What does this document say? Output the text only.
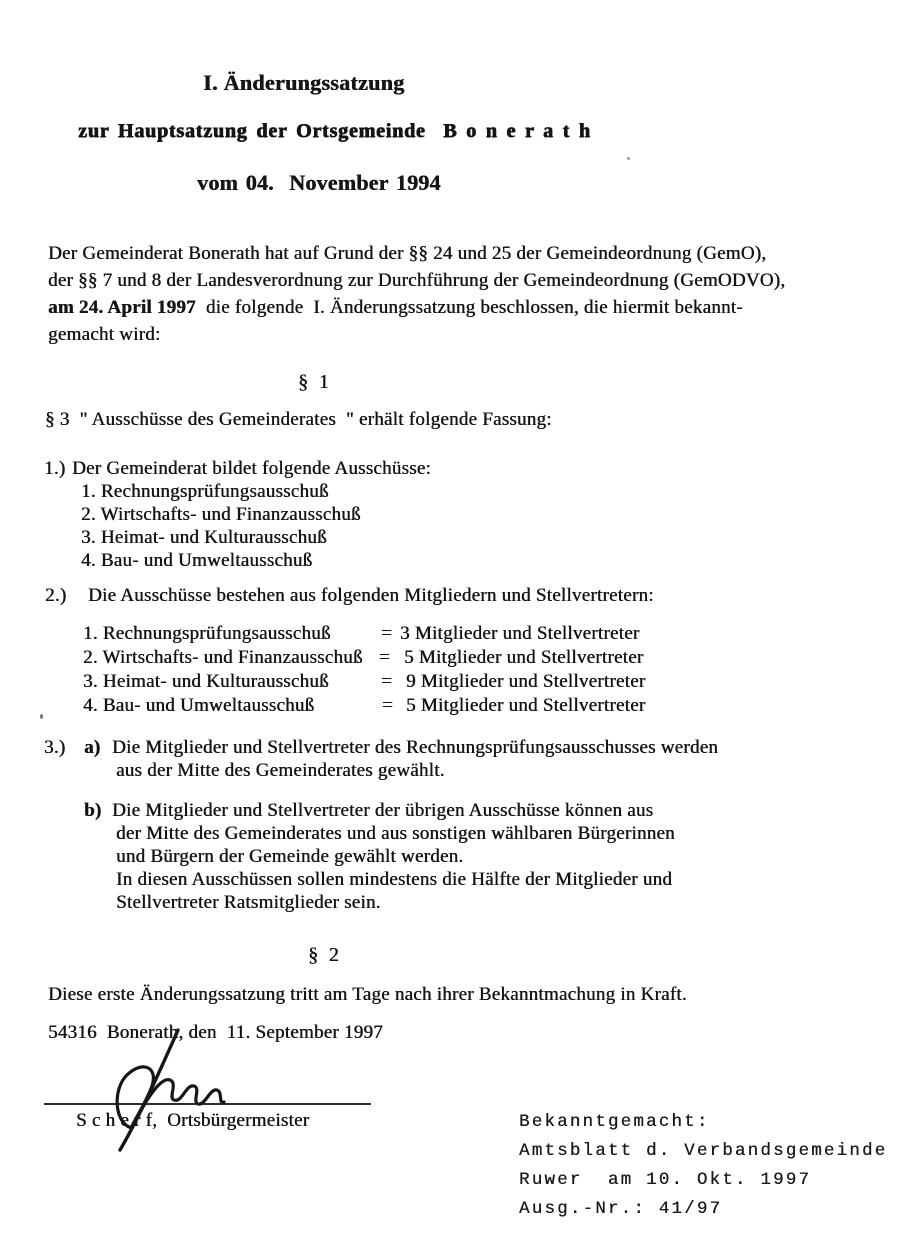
I. Änderungssatzung
zur Hauptsatzung der Ortsgemeinde  B o n e r a t h
vom 04.  November 1994
Der Gemeinderat Bonerath hat auf Grund der §§ 24 und 25 der Gemeindeordnung (GemO),
der §§ 7 und 8 der Landesverordnung zur Durchführung der Gemeindeordnung (GemODVO),
am 24. April 1997  die folgende  I. Änderungssatzung beschlossen, die hiermit bekannt-
gemacht wird:
§  1
§ 3  " Ausschüsse des Gemeinderates  " erhält folgende Fassung:
1.) Der Gemeinderat bildet folgende Ausschüsse:
1. Rechnungsprüfungsausschuß
2. Wirtschafts- und Finanzausschuß
3. Heimat- und Kulturausschuß
4. Bau- und Umweltausschuß
2.) Die Ausschüsse bestehen aus folgenden Mitgliedern und Stellvertretern:
1. Rechnungsprüfungsausschuß	= 3 Mitglieder und Stellvertreter
2. Wirtschafts- und Finanzausschuß = 5 Mitglieder und Stellvertreter
3. Heimat- und Kulturausschuß	= 9 Mitglieder und Stellvertreter
4. Bau- und Umweltausschuß	= 5 Mitglieder und Stellvertreter
3.) a) Die Mitglieder und Stellvertreter des Rechnungsprüfungsausschusses werden
aus der Mitte des Gemeinderates gewählt.
b) Die Mitglieder und Stellvertreter der übrigen Ausschüsse können aus
der Mitte des Gemeinderates und aus sonstigen wählbaren Bürgerinnen
und Bürgern der Gemeinde gewählt werden.
In diesen Ausschüssen sollen mindestens die Hälfte der Mitglieder und
Stellvertreter Ratsmitglieder sein.
§  2
Diese erste Änderungssatzung tritt am Tage nach ihrer Bekanntmachung in Kraft.
54316  Bonerath, den  11. September 1997
S c h e r f,  Ortsbürgermeister	Bekanntgemacht:
Amtsblatt d. Verbandsgemeinde
Ruwer  am 10. Okt. 1997
Ausg.-Nr.: 41/97
